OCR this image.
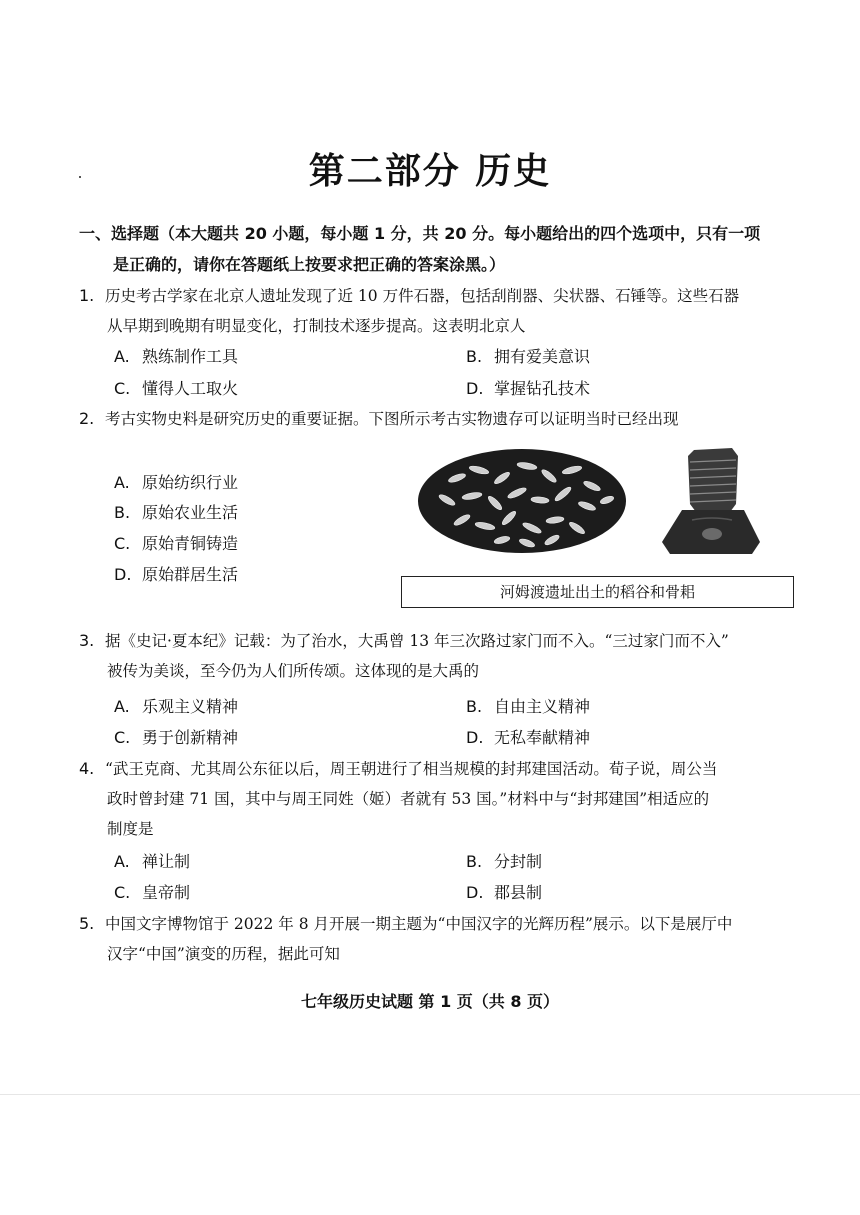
第二部分 历史
一、选择题（本大题共 20 小题，每小题 1 分，共 20 分。每小题给出的四个选项中，只有一项
是正确的，请你在答题纸上按要求把正确的答案涂黑。）
1. 历史考古学家在北京人遗址发现了近 10 万件石器，包括刮削器、尖状器、石锤等。这些石器
从早期到晚期有明显变化，打制技术逐步提高。这表明北京人
A. 熟练制作工具	B. 拥有爱美意识
C. 懂得人工取火	D. 掌握钻孔技术
2. 考古实物史料是研究历史的重要证据。下图所示考古实物遗存可以证明当时已经出现
A. 原始纺织行业
B. 原始农业生活
C. 原始青铜铸造
D. 原始群居生活
河姆渡遗址出土的稻谷和骨耜
3. 据《史记·夏本纪》记载：为了治水，大禹曾 13 年三次路过家门而不入。“三过家门而不入”
被传为美谈，至今仍为人们所传颂。这体现的是大禹的
A. 乐观主义精神	B. 自由主义精神
C. 勇于创新精神	D. 无私奉献精神
4. “武王克商、尤其周公东征以后，周王朝进行了相当规模的封邦建国活动。荀子说，周公当
政时曾封建 71 国，其中与周王同姓（姬）者就有 53 国。”材料中与“封邦建国”相适应的
制度是
A. 禅让制	B. 分封制
C. 皇帝制	D. 郡县制
5. 中国文字博物馆于 2022 年 8 月开展一期主题为“中国汉字的光辉历程”展示。以下是展厅中
汉字“中国”演变的历程，据此可知
七年级历史试题 第 1 页（共 8 页）
